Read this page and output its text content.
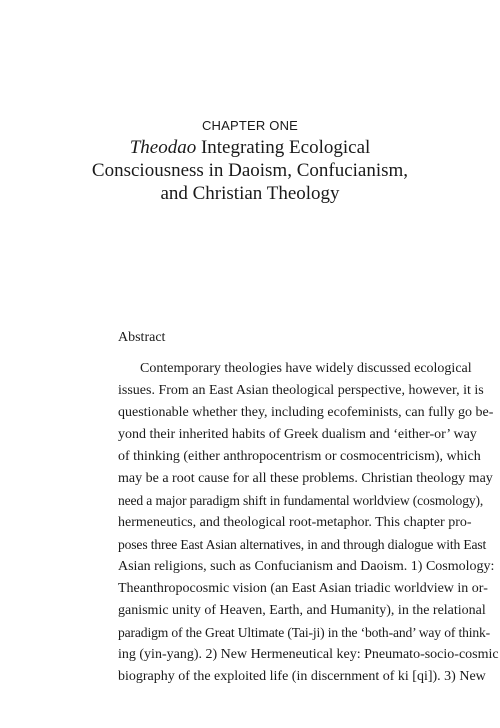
CHAPTER ONE
Theodao Integrating Ecological
Consciousness in Daoism, Confucianism,
and Christian Theology
Abstract
Contemporary theologies have widely discussed ecological
issues. From an East Asian theological perspective, however, it is
questionable whether they, including ecofeminists, can fully go be-
yond their inherited habits of Greek dualism and ‘either-or’ way
of thinking (either anthropocentrism or cosmocentricism), which
may be a root cause for all these problems. Christian theology may
need a major paradigm shift in fundamental worldview (cosmology),
hermeneutics, and theological root-metaphor. This chapter pro-
poses three East Asian alternatives, in and through dialogue with East
Asian religions, such as Confucianism and Daoism. 1) Cosmology:
Theanthropocosmic vision (an East Asian triadic worldview in or-
ganismic unity of Heaven, Earth, and Humanity), in the relational
paradigm of the Great Ultimate (Tai-ji) in the ‘both-and’ way of think-
ing (yin-yang). 2) New Hermeneutical key: Pneumato-socio-cosmic
biography of the exploited life (in discernment of ki [qi]). 3) New
